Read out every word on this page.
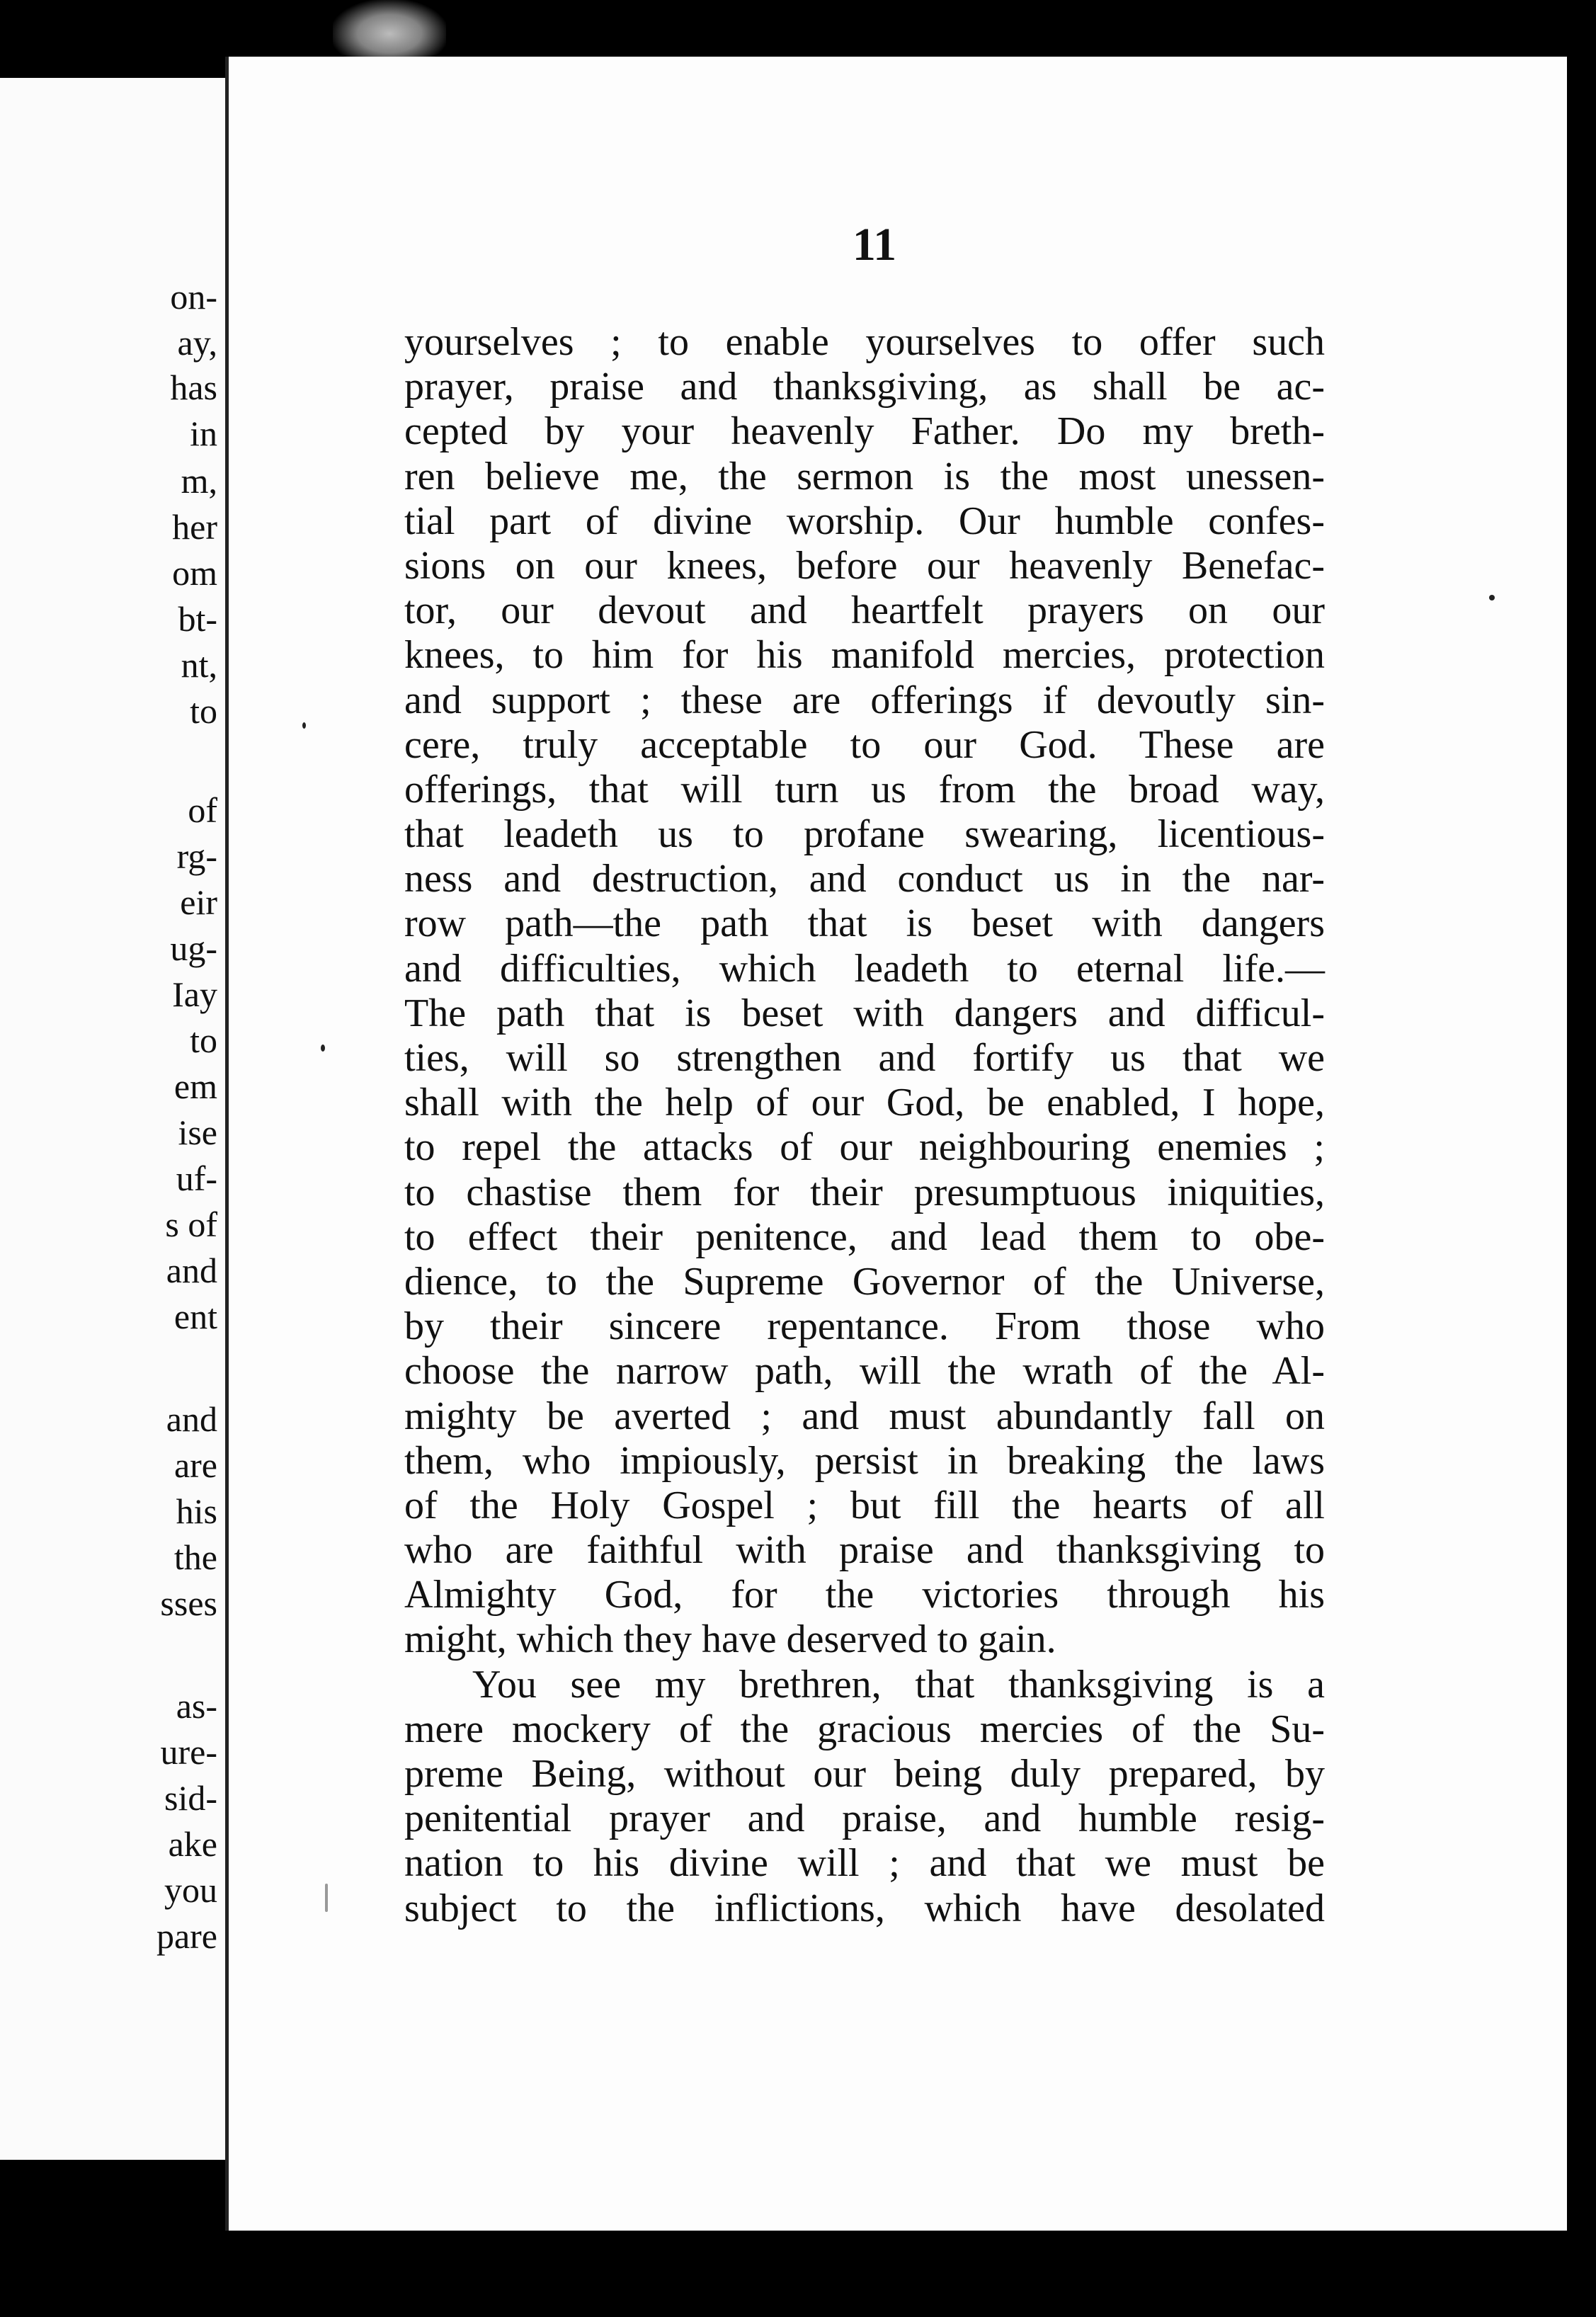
on-
ay,
has
in
m,
her
om
bt-
nt,
to
of
rg-
eir
ug-
Iay
to
em
ise
uf-
s of
and
ent
and
are
his
the
sses
as-
ure-
sid-
ake
you
pare
11
yourselves ; to enable yourselves to offer such
prayer, praise and thanksgiving, as shall be ac-
cepted by your heavenly Father. Do my breth-
ren believe me, the sermon is the most unessen-
tial part of divine worship. Our humble confes-
sions on our knees, before our heavenly Benefac-
tor, our devout and heartfelt prayers on our
knees, to him for his manifold mercies, protection
and support ; these are offerings if devoutly sin-
cere, truly acceptable to our God. These are
offerings, that will turn us from the broad way,
that leadeth us to profane swearing, licentious-
ness and destruction, and conduct us in the nar-
row path—the path that is beset with dangers
and difficulties, which leadeth to eternal life.—
The path that is beset with dangers and difficul-
ties, will so strengthen and fortify us that we
shall with the help of our God, be enabled, I hope,
to repel the attacks of our neighbouring enemies ;
to chastise them for their presumptuous iniquities,
to effect their penitence, and lead them to obe-
dience, to the Supreme Governor of the Universe,
by their sincere repentance. From those who
choose the narrow path, will the wrath of the Al-
mighty be averted ; and must abundantly fall on
them, who impiously, persist in breaking the laws
of the Holy Gospel ; but fill the hearts of all
who are faithful with praise and thanksgiving to
Almighty God, for the victories through his
might, which they have deserved to gain.
You see my brethren, that thanksgiving is a
mere mockery of the gracious mercies of the Su-
preme Being, without our being duly prepared, by
penitential prayer and praise, and humble resig-
nation to his divine will ; and that we must be
subject to the inflictions, which have desolated
